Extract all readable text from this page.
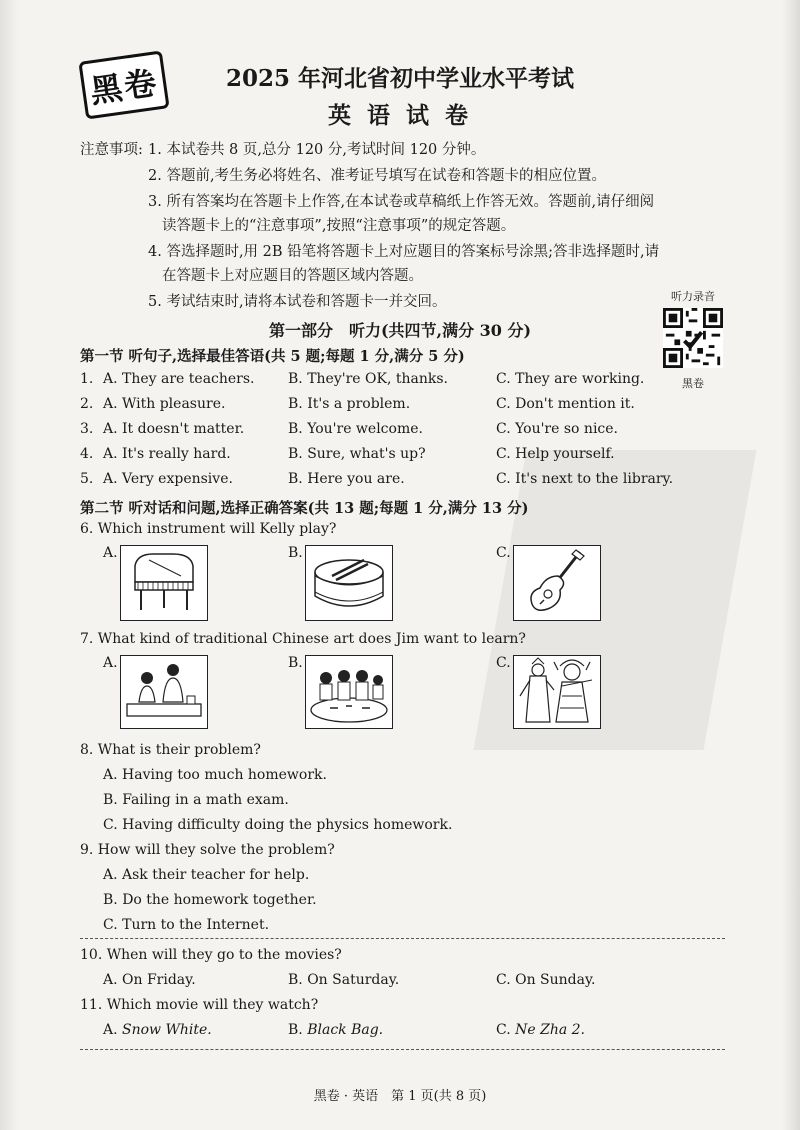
黑卷	2025 年河北省初中学业水平考试
英 语 试 卷
注意事项: 1. 本试卷共 8 页,总分 120 分,考试时间 120 分钟。
2. 答题前,考生务必将姓名、准考证号填写在试卷和答题卡的相应位置。
3. 所有答案均在答题卡上作答,在本试卷或草稿纸上作答无效。答题前,请仔细阅
读答题卡上的“注意事项”,按照“注意事项”的规定答题。
4. 答选择题时,用 2B 铅笔将答题卡上对应题目的答案标号涂黑;答非选择题时,请
在答题卡上对应题目的答题区域内答题。
5. 考试结束时,请将本试卷和答题卡一并交回。	听力录音
黑卷
第一部分　听力(共四节,满分 30 分)
第一节 听句子,选择最佳答语(共 5 题;每题 1 分,满分 5 分)
1. A. They are teachers. B. They're OK, thanks.	C. They are working.
2. A. With pleasure.	B. It's a problem.	C. Don't mention it.
3. A. It doesn't matter.	B. You're welcome.	C. You're so nice.
4. A. It's really hard.	B. Sure, what's up?	C. Help yourself.
5. A. Very expensive.	B. Here you are.	C. It's next to the library.
第二节 听对话和问题,选择正确答案(共 13 题;每题 1 分,满分 13 分)
6. Which instrument will Kelly play?
A.	B.	C.
7. What kind of traditional Chinese art does Jim want to learn?
A.	B.	C.
8. What is their problem?
A. Having too much homework.
B. Failing in a math exam.
C. Having difficulty doing the physics homework.
9. How will they solve the problem?
A. Ask their teacher for help.
B. Do the homework together.
C. Turn to the Internet.
10. When will they go to the movies?
A. On Friday.	B. On Saturday.	C. On Sunday.
11. Which movie will they watch?
A. Snow White.	B. Black Bag.	C. Ne Zha 2.
黑卷 · 英语　第 1 页(共 8 页)
